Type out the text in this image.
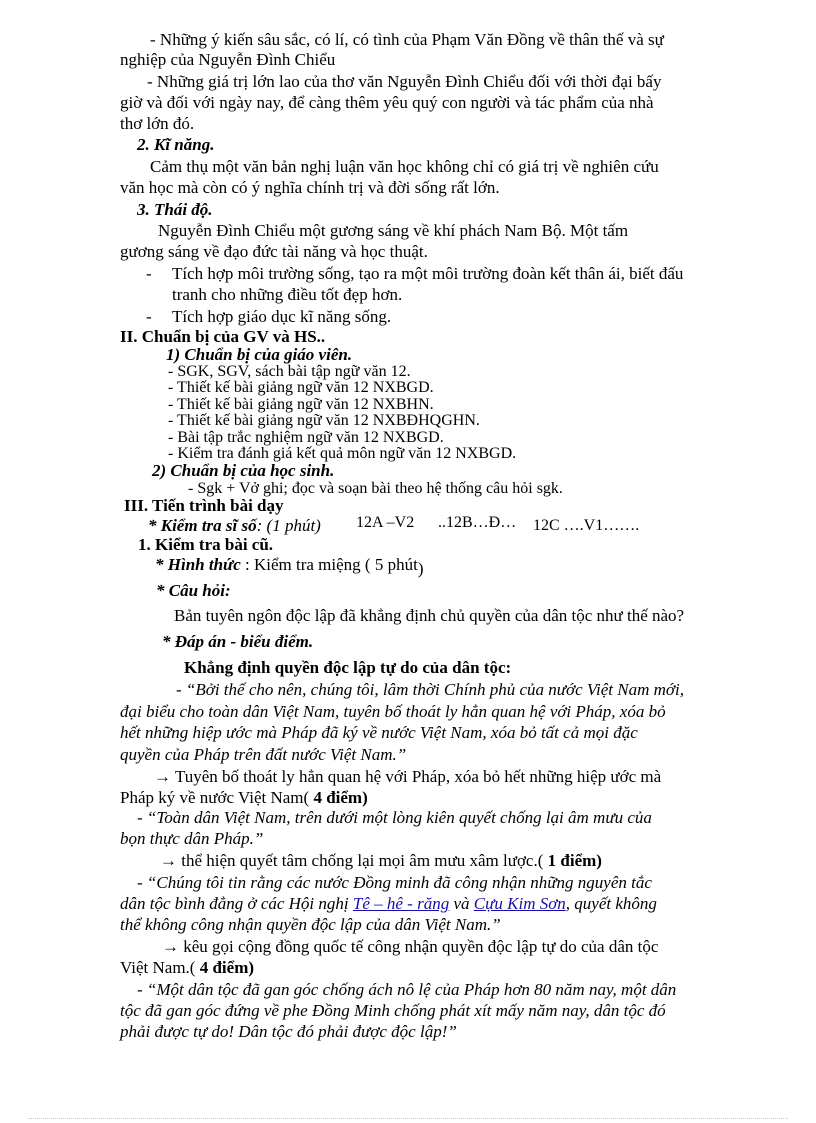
- Những ý kiến sâu sắc, có lí, có tình của Phạm Văn Đồng về thân thế và sự
nghiệp của Nguyễn Đình Chiểu
- Những giá trị lớn lao của thơ văn Nguyễn Đình Chiểu đối với thời đại bấy
giờ và đối với ngày nay, để càng thêm yêu quý con người và tác phẩm của nhà
thơ lớn đó.
2. Kĩ năng.
Cảm thụ một văn bản nghị luận văn học không chỉ có giá trị về nghiên cứu
văn học mà còn có ý nghĩa chính trị và đời sống rất lớn.
3. Thái độ.
Nguyễn Đình Chiểu một gương sáng về khí phách Nam Bộ. Một tấm
gương sáng về đạo đức tài năng và học thuật.
- Tích hợp môi trường sống, tạo ra một môi trường đoàn kết thân ái, biết đấu
tranh cho những điều tốt đẹp hơn.
- Tích hợp giáo dục kĩ năng sống.
II. Chuẩn bị của GV và HS..
1) Chuẩn bị của giáo viên.
- SGK, SGV, sách bài tập ngữ văn 12.
- Thiết kế bài giảng ngữ văn 12 NXBGD.
- Thiết kế bài giảng ngữ văn 12 NXBHN.
- Thiết kế bài giảng ngữ văn 12 NXBĐHQGHN.
- Bài tập trắc nghiệm ngữ văn 12 NXBGD.
- Kiểm tra đánh giá kết quả môn ngữ văn 12 NXBGD.
2) Chuẩn bị của học sinh.
- Sgk + Vở ghi; đọc và soạn bài theo hệ thống câu hỏi sgk.
III. Tiến trình bài dạy
* Kiểm tra sĩ số: (1 phút) 12A –V2 ..12B…Đ… 12C ….V1…….
1. Kiểm tra bài cũ.
* Hình thức : Kiểm tra miệng ( 5 phút)
* Câu hỏi:
Bản tuyên ngôn độc lập đã khẳng định chủ quyền của dân tộc như thế nào?
* Đáp án - biểu điểm.
Khẳng định quyền độc lập tự do của dân tộc:
- “Bởi thế cho nên, chúng tôi, lâm thời Chính phủ của nước Việt Nam mới,
đại biểu cho toàn dân Việt Nam, tuyên bố thoát ly hẳn quan hệ với Pháp, xóa bỏ
hết những hiệp ước mà Pháp đã ký về nước Việt Nam, xóa bỏ tất cả mọi đặc
quyền của Pháp trên đất nước Việt Nam.”
→ Tuyên bố thoát ly hẳn quan hệ với Pháp, xóa bỏ hết những hiệp ước mà
Pháp ký về nước Việt Nam( 4 điểm)
- “Toàn dân Việt Nam, trên dưới một lòng kiên quyết chống lại âm mưu của
bọn thực dân Pháp.”
→ thể hiện quyết tâm chống lại mọi âm mưu xâm lược.( 1 điểm)
- “Chúng tôi tin rằng các nước Đồng minh đã công nhận những nguyên tắc
dân tộc bình đẳng ở các Hội nghị Tê – hê - răng và Cựu Kim Sơn, quyết không
thể không công nhận quyền độc lập của dân Việt Nam.”
→ kêu gọi cộng đồng quốc tế công nhận quyền độc lập tự do của dân tộc
Việt Nam.( 4 điểm)
- “Một dân tộc đã gan góc chống ách nô lệ của Pháp hơn 80 năm nay, một dân
tộc đã gan góc đứng về phe Đồng Minh chống phát xít mấy năm nay, dân tộc đó
phải được tự do! Dân tộc đó phải được độc lập!”
